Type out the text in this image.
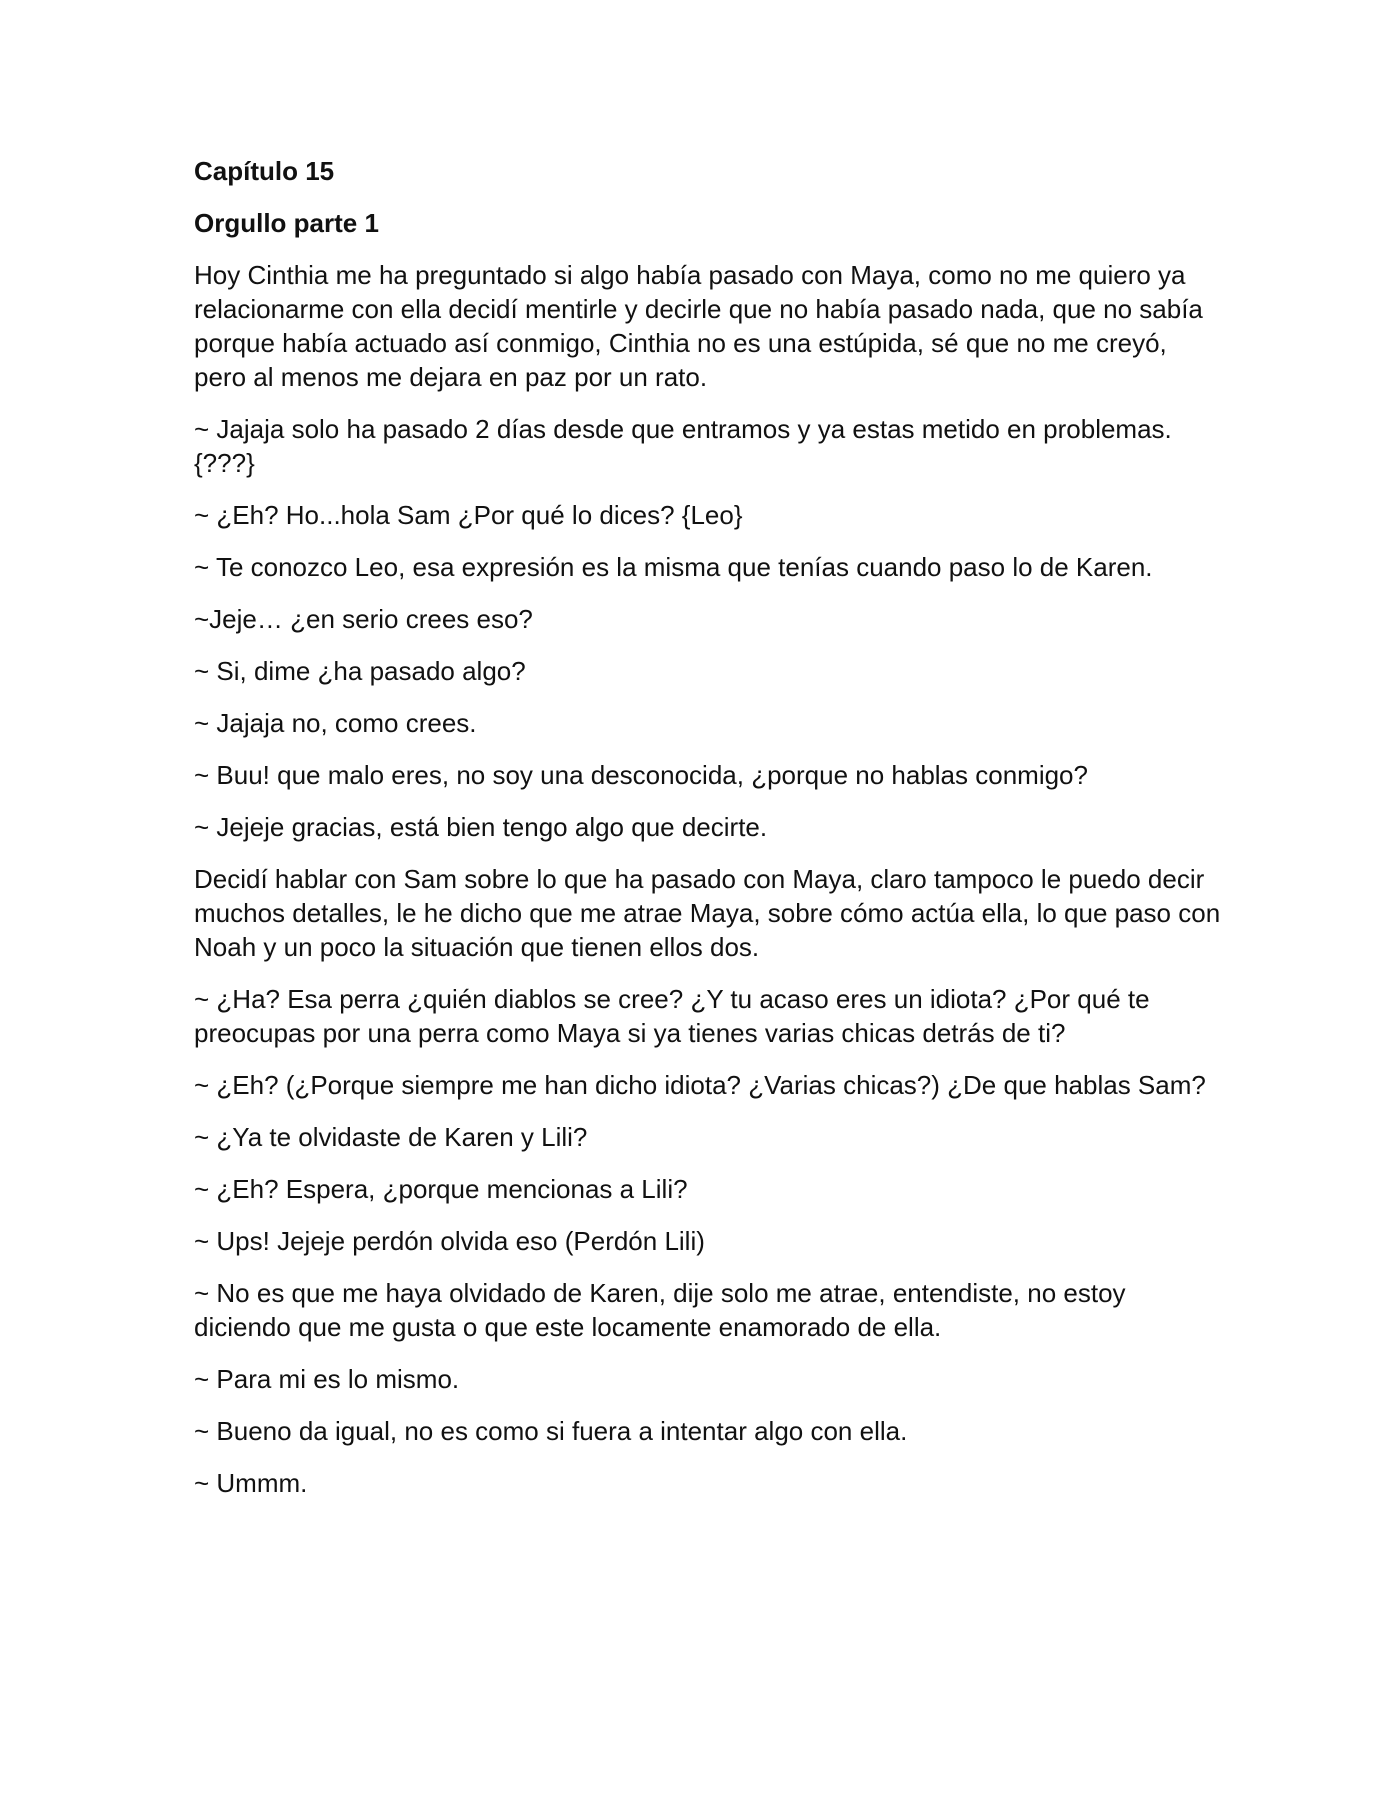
Capítulo 15

Orgullo parte 1

Hoy Cinthia me ha preguntado si algo había pasado con Maya, como no me quiero ya relacionarme con ella decidí mentirle y decirle que no había pasado nada, que no sabía porque había actuado así conmigo, Cinthia no es una estúpida, sé que no me creyó, pero al menos me dejara en paz por un rato.

~ Jajaja solo ha pasado 2 días desde que entramos y ya estas metido en problemas. {???}

~ ¿Eh? Ho...hola Sam ¿Por qué lo dices? {Leo}

~ Te conozco Leo, esa expresión es la misma que tenías cuando paso lo de Karen.

~Jeje… ¿en serio crees eso?

~ Si, dime ¿ha pasado algo?

~ Jajaja no, como crees.

~ Buu! que malo eres, no soy una desconocida, ¿porque no hablas conmigo?

~ Jejeje gracias, está bien tengo algo que decirte.

Decidí hablar con Sam sobre lo que ha pasado con Maya, claro tampoco le puedo decir muchos detalles, le he dicho que me atrae Maya, sobre cómo actúa ella, lo que paso con Noah y un poco la situación que tienen ellos dos.

~ ¿Ha? Esa perra ¿quién diablos se cree? ¿Y tu acaso eres un idiota? ¿Por qué te preocupas por una perra como Maya si ya tienes varias chicas detrás de ti?

~ ¿Eh? (¿Porque siempre me han dicho idiota? ¿Varias chicas?) ¿De que hablas Sam?

~ ¿Ya te olvidaste de Karen y Lili?

~ ¿Eh? Espera, ¿porque mencionas a Lili?

~ Ups! Jejeje perdón olvida eso (Perdón Lili)

~ No es que me haya olvidado de Karen, dije solo me atrae, entendiste, no estoy diciendo que me gusta o que este locamente enamorado de ella.

~ Para mi es lo mismo.

~ Bueno da igual, no es como si fuera a intentar algo con ella.

~ Ummm.
